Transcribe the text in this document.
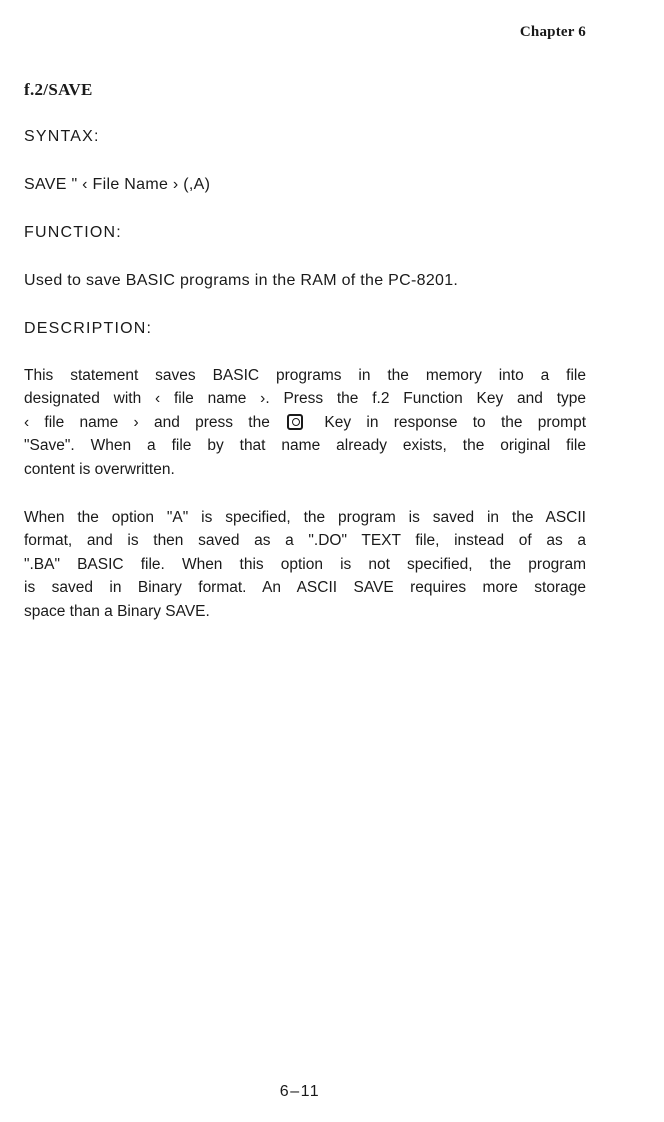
Chapter 6
f.2/SAVE
SYNTAX:
SAVE " ‹ File Name › (,A)
FUNCTION:
Used to save BASIC programs in the RAM of the PC-8201.
DESCRIPTION:
This statement saves BASIC programs in the memory into a file
designated with ‹ file name ›. Press the f.2 Function Key and type
‹ file name › and press the	Key in response to the prompt
"Save". When a file by that name already exists, the original file
content is overwritten.
When the option "A" is specified, the program is saved in the ASCII
format, and is then saved as a ".DO" TEXT file, instead of as a
".BA" BASIC file. When this option is not specified, the program
is saved in Binary format. An ASCII SAVE requires more storage
space than a Binary SAVE.
6–11
